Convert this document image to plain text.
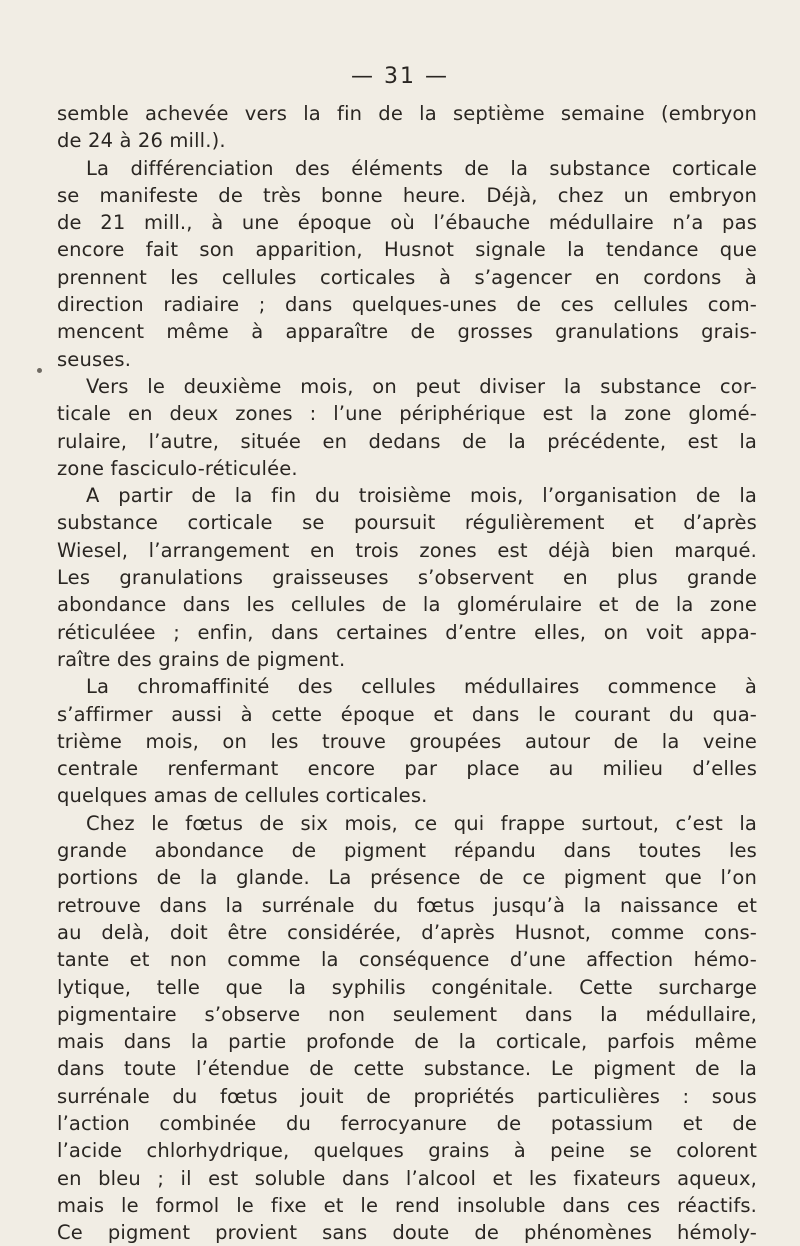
— 31 —
semble achevée vers la fin de la septième semaine (embryon
de 24 à 26 mill.).
La différenciation des éléments de la substance corticale
se manifeste de très bonne heure. Déjà, chez un embryon
de 21 mill., à une époque où l’ébauche médullaire n’a pas
encore fait son apparition, Husnot signale la tendance que
prennent les cellules corticales à s’agencer en cordons à
direction radiaire ; dans quelques-unes de ces cellules com-
mencent même à apparaître de grosses granulations grais-
seuses.
Vers le deuxième mois, on peut diviser la substance cor-
ticale en deux zones : l’une périphérique est la zone glomé-
rulaire, l’autre, située en dedans de la précédente, est la
zone fasciculo-réticulée.
A partir de la fin du troisième mois, l’organisation de la
substance corticale se poursuit régulièrement et d’après
Wiesel, l’arrangement en trois zones est déjà bien marqué.
Les granulations graisseuses s’observent en plus grande
abondance dans les cellules de la glomérulaire et de la zone
réticuléee ; enfin, dans certaines d’entre elles, on voit appa-
raître des grains de pigment.
La chromaffinité des cellules médullaires commence à
s’affirmer aussi à cette époque et dans le courant du qua-
trième mois, on les trouve groupées autour de la veine
centrale renfermant encore par place au milieu d’elles
quelques amas de cellules corticales.
Chez le fœtus de six mois, ce qui frappe surtout, c’est la
grande abondance de pigment répandu dans toutes les
portions de la glande. La présence de ce pigment que l’on
retrouve dans la surrénale du fœtus jusqu’à la naissance et
au delà, doit être considérée, d’après Husnot, comme cons-
tante et non comme la conséquence d’une affection hémo-
lytique, telle que la syphilis congénitale. Cette surcharge
pigmentaire s’observe non seulement dans la médullaire,
mais dans la partie profonde de la corticale, parfois même
dans toute l’étendue de cette substance. Le pigment de la
surrénale du fœtus jouit de propriétés particulières : sous
l’action combinée du ferrocyanure de potassium et de
l’acide chlorhydrique, quelques grains à peine se colorent
en bleu ; il est soluble dans l’alcool et les fixateurs aqueux,
mais le formol le fixe et le rend insoluble dans ces réactifs.
Ce pigment provient sans doute de phénomènes hémoly-
